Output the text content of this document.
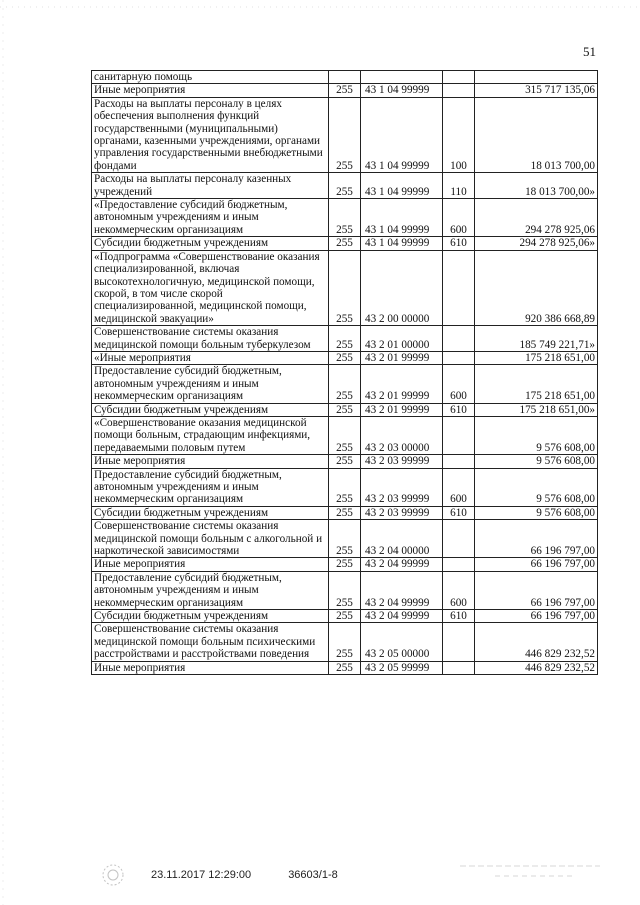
51
санитарную помощь				
Иные мероприятия	255	43 1 04 99999		315 717 135,06
Расходы на выплаты персоналу в целях обеспечения выполнения функций государственными (муниципальными) органами, казенными учреждениями, органами управления государственными внебюджетными фондами	255	43 1 04 99999	100	18 013 700,00
Расходы на выплаты персоналу казенных учреждений	255	43 1 04 99999	110	18 013 700,00»
«Предоставление субсидий бюджетным, автономным учреждениям и иным некоммерческим организациям	255	43 1 04 99999	600	294 278 925,06
Субсидии бюджетным учреждениям	255	43 1 04 99999	610	294 278 925,06»
«Подпрограмма «Совершенствование оказания специализированной, включая высокотехнологичную, медицинской помощи, скорой, в том числе скорой специализированной, медицинской помощи, медицинской эвакуации»	255	43 2 00 00000		920 386 668,89
Совершенствование системы оказания медицинской помощи больным туберкулезом	255	43 2 01 00000		185 749 221,71»
«Иные мероприятия	255	43 2 01 99999		175 218 651,00
Предоставление субсидий бюджетным, автономным учреждениям и иным некоммерческим организациям	255	43 2 01 99999	600	175 218 651,00
Субсидии бюджетным учреждениям	255	43 2 01 99999	610	175 218 651,00»
«Совершенствование оказания медицинской помощи больным, страдающим инфекциями, передаваемыми половым путем	255	43 2 03 00000		9 576 608,00
Иные мероприятия	255	43 2 03 99999		9 576 608,00
Предоставление субсидий бюджетным, автономным учреждениям и иным некоммерческим организациям	255	43 2 03 99999	600	9 576 608,00
Субсидии бюджетным учреждениям	255	43 2 03 99999	610	9 576 608,00
Совершенствование системы оказания медицинской помощи больным с алкогольной и наркотической зависимостями	255	43 2 04 00000		66 196 797,00
Иные мероприятия	255	43 2 04 99999		66 196 797,00
Предоставление субсидий бюджетным, автономным учреждениям и иным некоммерческим организациям	255	43 2 04 99999	600	66 196 797,00
Субсидии бюджетным учреждениям	255	43 2 04 99999	610	66 196 797,00
Совершенствование системы оказания медицинской помощи больным психическими расстройствами и расстройствами поведения	255	43 2 05 00000		446 829 232,52
Иные мероприятия	255	43 2 05 99999		446 829 232,52
23.11.2017 12:29:00	36603/1-8
